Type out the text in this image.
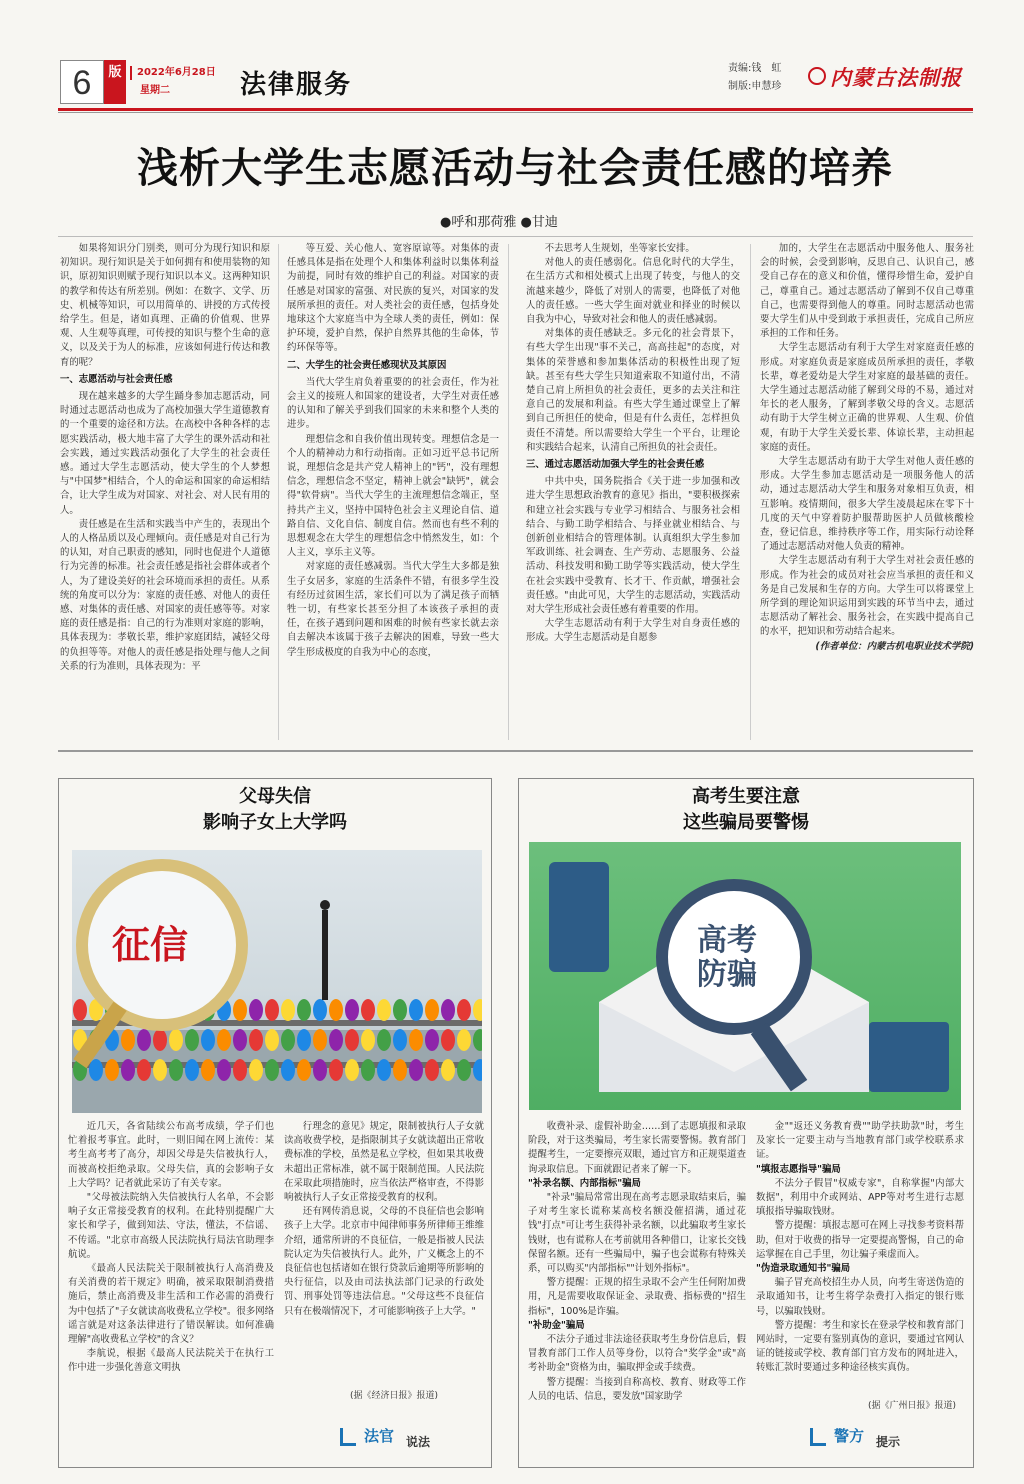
6	版	2022年6月28日
星期二	法律服务
责编:钱　虹
制版:申慧珍 内蒙古法制报
浅析大学生志愿活动与社会责任感的培养
●呼和那荷雅 ●甘迪

如果将知识分门别类，则可分为现行知识和原初知识。现行知识是关于如何拥有和使用装物的知识，原初知识则赋予现行知识以本义。这两种知识的教学和传达有所差别。例如：在数字、文学、历史、机械等知识，可以用简单的、讲授的方式传授给学生。但是，诸如真理、正确的价值观、世界观、人生观等真理，可传授的知识与整个生命的意义，以及关于为人的标准，应该如何进行传达和教育的呢？

一、志愿活动与社会责任感

现在越来越多的大学生踊身参加志愿活动，同时通过志愿活动也成为了高校加强大学生道德教育的一个重要的途径和方法。在高校中各种各样的志愿实践活动，极大地丰富了大学生的课外活动和社会实践，通过实践活动强化了大学生的社会责任感。通过大学生志愿活动，使大学生的个人梦想与"中国梦"相结合，个人的命运和国家的命运相结合，让大学生成为对国家、对社会、对人民有用的人。

责任感是在生活和实践当中产生的，表现出个人的人格品质以及心理倾向。责任感是对自己行为的认知，对自己职责的感知，同时也促进个人道德行为完善的标准。社会责任感是指社会群体或者个人，为了建设美好的社会环境而承担的责任。从系统的角度可以分为：家庭的责任感、对他人的责任感、对集体的责任感、对国家的责任感等等。对家庭的责任感是指：自己的行为准则对家庭的影响，具体表现为：孝敬长辈，维护家庭团结，减轻父母的负担等等。对他人的责任感是指处理与他人之间关系的行为准则，具体表现为：平

等互爱、关心他人、宽容原谅等。对集体的责任感具体是指在处理个人和集体利益时以集体利益为前提，同时有效的维护自己的利益。对国家的责任感是对国家的富强、对民族的复兴，对国家的发展所承担的责任。对人类社会的责任感，包括身处地球这个大家庭当中为全球人类的责任，例如：保护环境，爱护自然，保护自然界其他的生命体，节约环保等等。

二、大学生的社会责任感现状及其原因

当代大学生肩负着重要的的社会责任，作为社会主义的接班人和国家的建设者，大学生对责任感的认知和了解关乎到我们国家的未来和整个人类的进步。

理想信念和自我价值出现转变。理想信念是一个人的精神动力和行动指南。正如习近平总书记所说，理想信念是共产党人精神上的"钙"，没有理想信念，理想信念不坚定，精神上就会"缺钙"，就会得"软骨病"。当代大学生的主流理想信念端正，坚持共产主义，坚持中国特色社会主义理论自信、道路自信、文化自信、制度自信。然而也有些不利的思想观念在大学生的理想信念中悄然发生，如：个人主义，享乐主义等。

对家庭的责任感减弱。当代大学生大多都是独生子女居多，家庭的生活条件不错，有很多学生没有经历过贫困生活，家长们可以为了满足孩子而牺牲一切，有些家长甚至分担了本该孩子承担的责任，在孩子遇到问题和困难的时候有些家长就去亲自去解决本该属于孩子去解决的困难，导致一些大学生形成极度的自我为中心的态度，

不去思考人生规划，坐等家长安排。

对他人的责任感弱化。信息化时代的大学生，在生活方式和相处模式上出现了转变，与他人的交流越来越少，降低了对别人的需要，也降低了对他人的责任感。一些大学生面对就业和择业的时候以自我为中心，导致对社会和他人的责任感减弱。

对集体的责任感缺乏。多元化的社会背景下，有些大学生出现"事不关己，高高挂起"的态度，对集体的荣誉感和参加集体活动的积极性出现了短缺。甚至有些大学生只知道索取不知道付出，不清楚自己肩上所担负的社会责任，更多的去关注和注意自己的发展和利益。有些大学生通过课堂上了解到自己所担任的使命，但是有什么责任，怎样担负责任不清楚。所以需要给大学生一个平台，让理论和实践结合起来，认清自己所担负的社会责任。

三、通过志愿活动加强大学生的社会责任感

中共中央，国务院指合《关于进一步加强和改进大学生思想政治教育的意见》指出，"要积极探索和建立社会实践与专业学习相结合、与服务社会相结合、与勤工助学相结合、与择业就业相结合、与创新创业相结合的管理体制。认真组织大学生参加军政训练、社会调查、生产劳动、志愿服务、公益活动、科技发明和勤工助学等实践活动，使大学生在社会实践中受教育、长才干、作贡献，增强社会责任感。"由此可见，大学生的志愿活动，实践活动对大学生形成社会责任感有着重要的作用。

大学生志愿活动有利于大学生对自身责任感的形成。大学生志愿活动是自愿参

加的，大学生在志愿活动中服务他人、服务社会的时候，会受到影响，反思自己、认识自己，感受自己存在的意义和价值，懂得珍惜生命，爱护自己，尊重自己。通过志愿活动了解到不仅自己尊重自己，也需要得到他人的尊重。同时志愿活动也需要大学生们从中受到敢于承担责任，完成自己所应承担的工作和任务。

大学生志愿活动有利于大学生对家庭责任感的形成。对家庭负责是家庭成员所承担的责任，孝敬长辈，尊老爱幼是大学生对家庭的最基础的责任。大学生通过志愿活动能了解到父母的不易，通过对年长的老人服务，了解到孝敬父母的含义。志愿活动有助于大学生树立正确的世界观、人生观、价值观，有助于大学生关爱长辈、体谅长辈，主动担起家庭的责任。

大学生志愿活动有助于大学生对他人责任感的形成。大学生参加志愿活动是一项服务他人的活动，通过志愿活动大学生和服务对象相互负责，相互影响。疫情期间，很多大学生凌晨起床在零下十几度的天气中穿着防护服帮助医护人员做核酸检查，登记信息，维持秩序等工作，用实际行动诠释了通过志愿活动对他人负责的精神。

大学生志愿活动有利于大学生对社会责任感的形成。作为社会的成员对社会应当承担的责任和义务是自己发展和生存的方向。大学生可以将课堂上所学到的理论知识运用到实践的环节当中去，通过志愿活动了解社会、服务社会，在实践中提高自己的水平，把知识和劳动结合起来。

(作者单位：内蒙古机电职业技术学院)

父母失信
影响子女上大学吗
征信

近几天，各省陆续公布高考成绩，学子们也忙着报考事宜。此时，一则旧闻在网上流传：某考生高考考了高分，却因父母是失信被执行人，而被高校拒绝录取。父母失信，真的会影响子女上大学吗？记者就此采访了有关专家。

"父母被法院纳入失信被执行人名单，不会影响子女正常接受教育的权利。在此特别提醒广大家长和学子，做到知法、守法，懂法，不信谣、不传谣。"北京市高级人民法院执行局法官助理李航说。

《最高人民法院关于限制被执行人高消费及有关消费的若干规定》明确，被采取限制消费措施后，禁止高消费及非生活和工作必需的消费行为中包括了"子女就读高收费私立学校"。很多网络谣言就是对这条法律进行了错误解读。如何准确理解"高收费私立学校"的含义？

李航说，根据《最高人民法院关于在执行工作中进一步强化善意文明执

行理念的意见》规定，限制被执行人子女就读高收费学校，是指限制其子女就读超出正常收费标准的学校，虽然是私立学校，但如果其收费未超出正常标准，就不属于限制范围。人民法院在采取此项措施时，应当依法严格审查，不得影响被执行人子女正常接受教育的权利。

还有网传消息说，父母的不良征信也会影响孩子上大学。北京市中闻律师事务所律师王维维介绍，通常所讲的不良征信，一般是指被人民法院认定为失信被执行人。此外，广义概念上的不良征信也包括诸如在银行贷款后逾期等所影响的央行征信，以及由司法执法部门记录的行政处罚、刑事处罚等违法信息。"父母这些不良征信只有在极端情况下，才可能影响孩子上大学。"

(据《经济日报》报道)
法官 说法
高考生要注意
这些骗局要警惕
高考
防骗

收费补录、虚假补助金……到了志愿填报和录取阶段，对于这类骗局，考生家长需要警惕。教育部门提醒考生，一定要擦亮双眼，通过官方和正规渠道查询录取信息。下面就跟记者来了解一下。

"补录名额、内部指标"骗局

"补录"骗局常常出现在高考志愿录取结束后，骗子对考生家长谎称某高校名额没催招满，通过花钱"打点"可让考生获得补录名额，以此骗取考生家长钱财，也有谎称人在考前就用各种借口，让家长交钱保留名额。还有一些骗局中，骗子也会谎称有特殊关系，可以购买"内部指标""计划外指标"。

警方提醒：正规的招生录取不会产生任何附加费用，凡是需要收取保证金、录取费、指标费的"招生指标"，100%是诈骗。

"补助金"骗局

不法分子通过非法途径获取考生身份信息后，假冒教育部门工作人员等身份，以符合"奖学金"或"高考补助金"资格为由，骗取押金或手续费。

警方提醒：当接到自称高校、教育、财政等工作人员的电话、信息，要发放"国家助学

金""返还义务教育费""助学扶助款"时，考生及家长一定要主动与当地教育部门或学校联系求证。

"填报志愿指导"骗局

不法分子假冒"权威专家"，自称掌握"内部大数据"，利用中介或网站、APP等对考生进行志愿填报指导骗取钱财。

警方提醒：填报志愿可在网上寻找参考资料帮助，但对于收费的指导一定要提高警惕，自己的命运掌握在自己手里，勿让骗子乘虚而入。

"伪造录取通知书"骗局

骗子冒充高校招生办人员，向考生寄送伪造的录取通知书，让考生将学杂费打入指定的银行账号，以骗取钱财。

警方提醒：考生和家长在登录学校和教育部门网站时，一定要有鉴别真伪的意识，要通过官网认证的链接或学校、教育部门官方发布的网址进入，转账汇款时要通过多种途径核实真伪。

(据《广州日报》报道)
警方 提示
